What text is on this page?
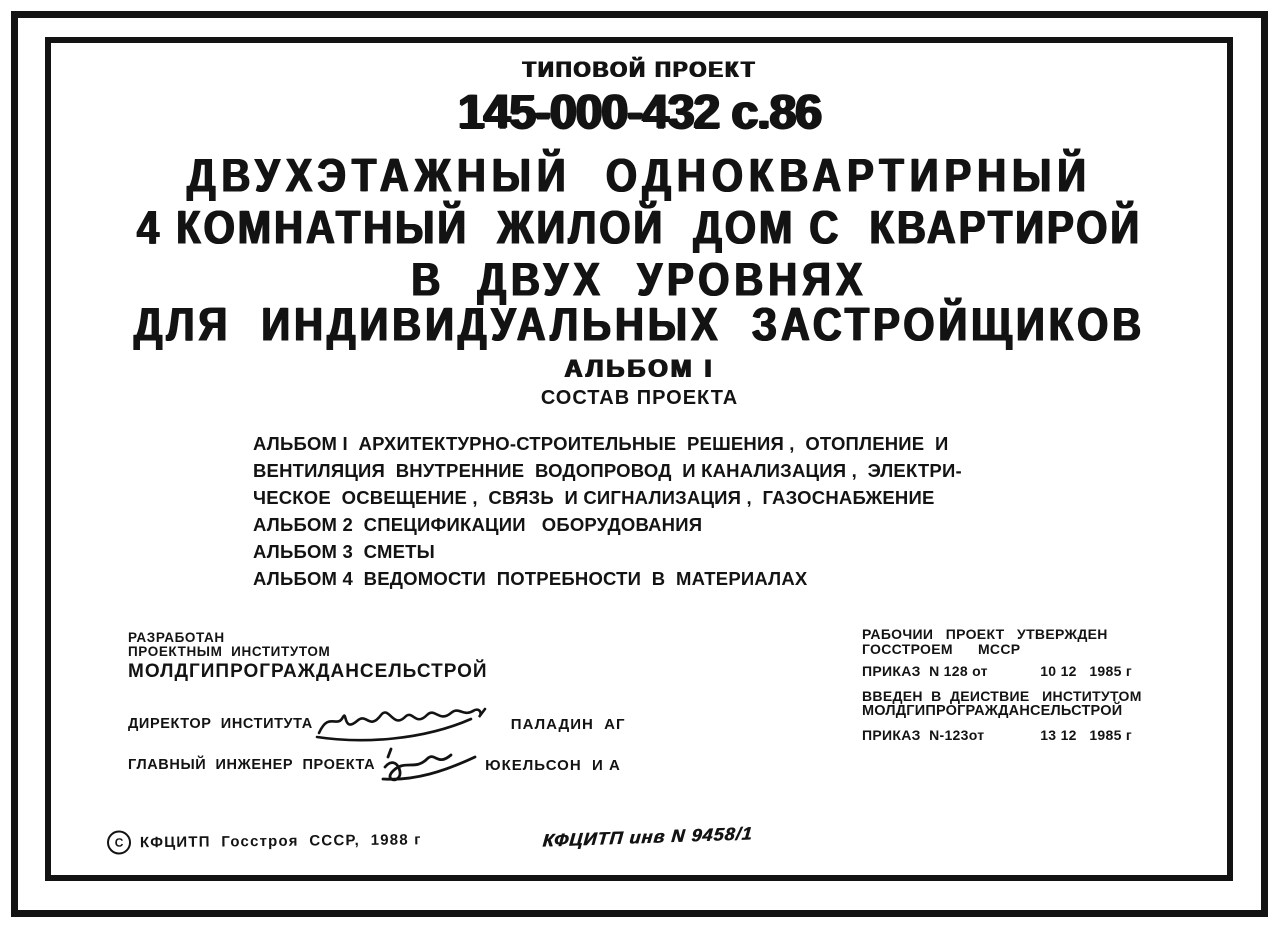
ТИПОВОЙ ПРОЕКТ
145-000-432 с.86
ДВУХЭТАЖНЫЙ  ОДНОКВАРТИРНЫЙ
4 КОМНАТНЫЙ  ЖИЛОЙ  ДОМ С  КВАРТИРОЙ
В  ДВУХ  УРОВНЯХ
ДЛЯ  ИНДИВИДУАЛЬНЫХ  ЗАСТРОЙЩИКОВ
АЛЬБОМ I
СОСТАВ ПРОЕКТА
АЛЬБОМ I  АРХИТЕКТУРНО-СТРОИТЕЛЬНЫЕ  РЕШЕНИЯ ,  ОТОПЛЕНИЕ  И
ВЕНТИЛЯЦИЯ  ВНУТРЕННИЕ  ВОДОПРОВОД  И КАНАЛИЗАЦИЯ ,  ЭЛЕКТРИ-
ЧЕСКОЕ  ОСВЕЩЕНИЕ ,  СВЯЗЬ  И СИГНАЛИЗАЦИЯ ,  ГАЗОСНАБЖЕНИЕ
АЛЬБОМ 2  СПЕЦИФИКАЦИИ   ОБОРУДОВАНИЯ
АЛЬБОМ 3  СМЕТЫ
АЛЬБОМ 4  ВЕДОМОСТИ  ПОТРЕБНОСТИ  В  МАТЕРИАЛАХ
РАЗРАБОТАН
ПРОЕКТНЫМ  ИНСТИТУТОМ
МОЛДГИПРОГРАЖДАНСЕЛЬСТРОЙ
ДИРЕКТОР  ИНСТИТУТА	ПАЛАДИН  АГ
ГЛАВНЫЙ  ИНЖЕНЕР  ПРОЕКТА	ЮКЕЛЬСОН  И А
РАБОЧИИ   ПРОЕКТ   УТВЕРЖДЕН
ГОССТРОЕМ      МССР
ПРИКАЗ  N 128 от	10 12   1985 г
ВВЕДЕН  В  ДЕИСТВИЕ   ИНСТИТУТОМ
МОЛДГИПРОГРАЖДАНСЕЛЬСТРОЙ
ПРИКАЗ  N-123от	13 12   1985 г
С	КФЦИТП  Госстроя  СССР,  1988 г	КФЦИТП инв N 9458/1
